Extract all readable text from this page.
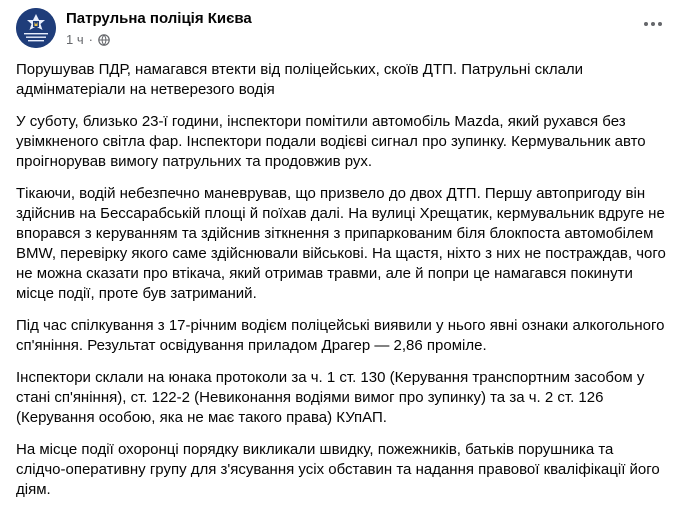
Патрульна поліція Києва
1 ч ·

Порушував ПДР, намагався втекти від поліцейських, скоїв ДТП. Патрульні склали адмінматеріали на нетверезого водія

У суботу, близько 23-ї години, інспектори помітили автомобіль Mazda, який рухався без увімкненого світла фар. Інспектори подали водієві сигнал про зупинку. Кермувальник авто проігнорував вимогу патрульних та продовжив рух.

Тікаючи, водій небезпечно маневрував, що призвело до двох ДТП. Першу автопригоду він здійснив на Бессарабській площі й поїхав далі. На вулиці Хрещатик, кермувальник вдруге не впорався з керуванням та здійснив зіткнення з припаркованим біля блокпоста автомобілем BMW, перевірку якого саме здійснювали військові. На щастя, ніхто з них не постраждав, чого не можна сказати про втікача, який отримав травми, але й попри це намагався покинути місце події, проте був затриманий.

Під час спілкування з 17-річним водієм поліцейські виявили у нього явні ознаки алкогольного сп'яніння. Результат освідування приладом Драгер — 2,86 проміле.

Інспектори склали на юнака протоколи за ч. 1 ст. 130 (Керування транспортним засобом у стані сп'яніння), ст. 122-2 (Невиконання водіями вимог про зупинку) та за ч. 2 ст. 126 (Керування особою, яка не має такого права) КУпАП.

На місце події охоронці порядку викликали швидку, пожежників, батьків порушника та слідчо-оперативну групу для з'ясування усіх обставин та надання правової кваліфікації його діям.
